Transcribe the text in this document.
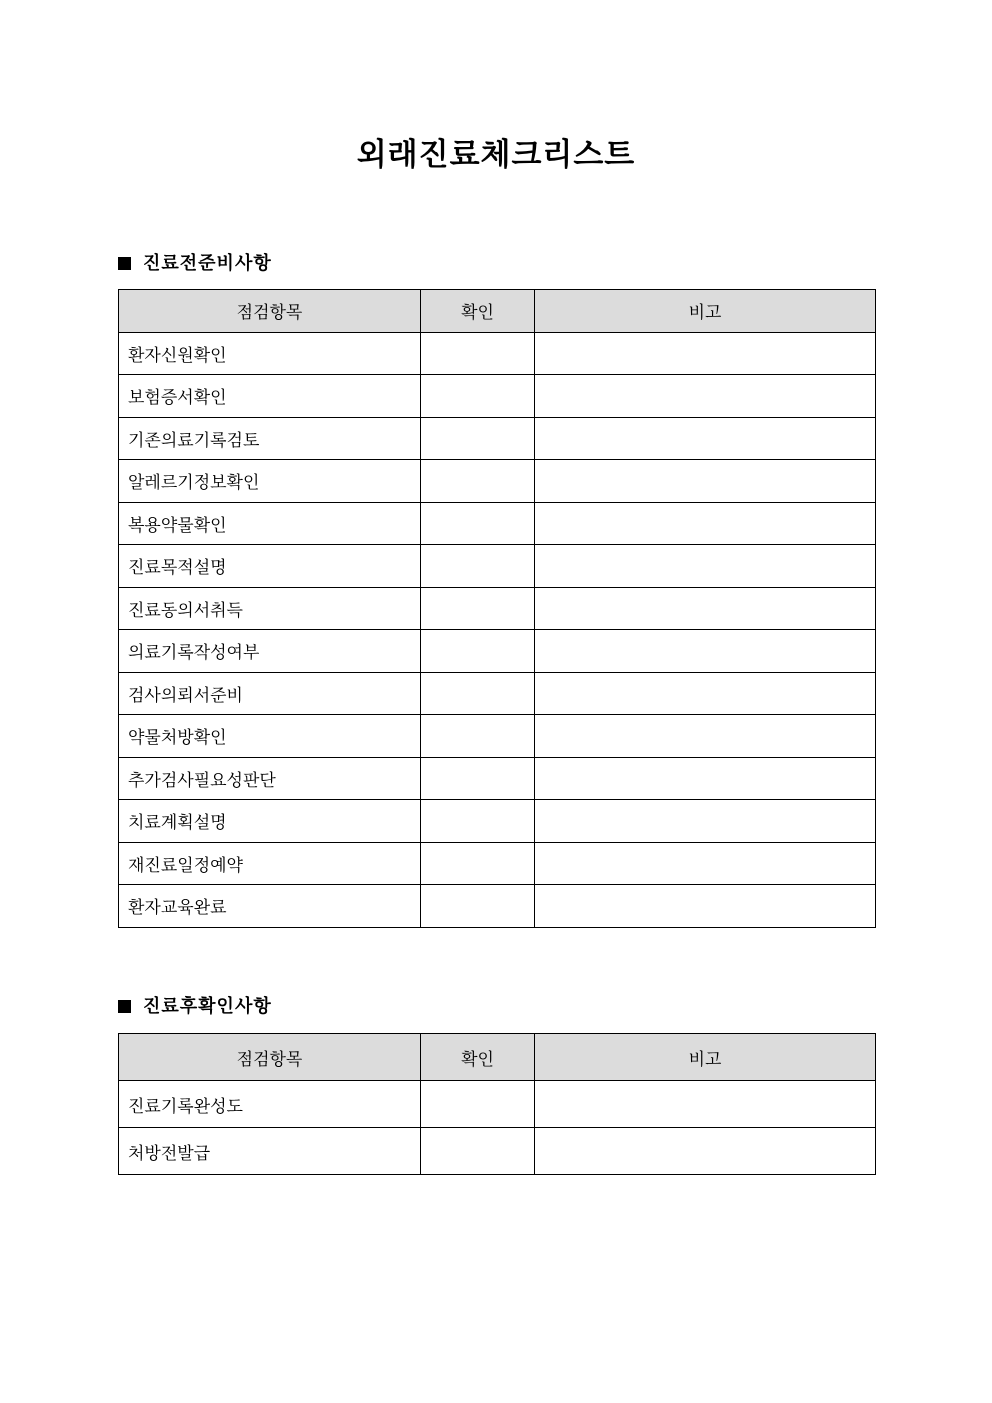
외래진료체크리스트
진료전준비사항
점검항목	확인	비고
환자신원확인		
보험증서확인		
기존의료기록검토		
알레르기정보확인		
복용약물확인		
진료목적설명		
진료동의서취득		
의료기록작성여부		
검사의뢰서준비		
약물처방확인		
추가검사필요성판단		
치료계획설명		
재진료일정예약		
환자교육완료		
진료후확인사항
점검항목	확인	비고
진료기록완성도		
처방전발급		
